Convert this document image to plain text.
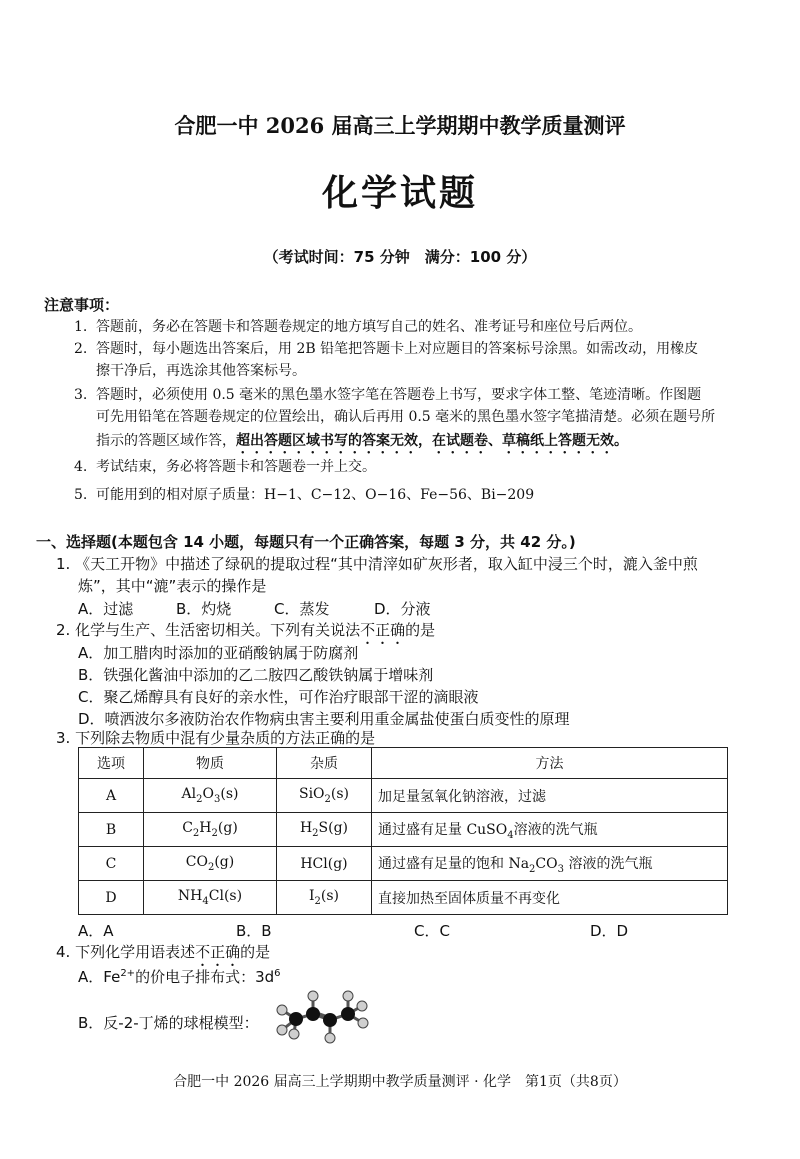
合肥一中 2026 届高三上学期期中教学质量测评
化学试题
（考试时间：75 分钟　满分：100 分）
注意事项：
1. 答题前，务必在答题卡和答题卷规定的地方填写自己的姓名、准考证号和座位号后两位。
2. 答题时，每小题选出答案后，用 2B 铅笔把答题卡上对应题目的答案标号涂黑。如需改动，用橡皮
擦干净后，再选涂其他答案标号。
3. 答题时，必须使用 0.5 毫米的黑色墨水签字笔在答题卷上书写，要求字体工整、笔迹清晰。作图题
可先用铅笔在答题卷规定的位置绘出，确认后再用 0.5 毫米的黑色墨水签字笔描清楚。必须在题号所
指示的答题区域作答，超出答题区域书写的答案无效，在试题卷、草稿纸上答题无效。
4. 考试结束，务必将答题卡和答题卷一并上交。
5. 可能用到的相对原子质量：H−1、C−12、O−16、Fe−56、Bi−209
一、选择题(本题包含 14 小题，每题只有一个正确答案，每题 3 分，共 42 分。)
1. 《天工开物》中描述了绿矾的提取过程“其中清滓如矿灰形者，取入缸中浸三个时，漉入釜中煎
炼”，其中“漉”表示的操作是
A．过滤	B．灼烧	C．蒸发	D．分液
2. 化学与生产、生活密切相关。下列有关说法不正确的是
A．加工腊肉时添加的亚硝酸钠属于防腐剂
B．铁强化酱油中添加的乙二胺四乙酸铁钠属于增味剂
C．聚乙烯醇具有良好的亲水性，可作治疗眼部干涩的滴眼液
D．喷洒波尔多液防治农作物病虫害主要利用重金属盐使蛋白质变性的原理
3. 下列除去物质中混有少量杂质的方法正确的是
选项	物质	杂质	方法
A	$Al_2O_3(s)$	SiO$_2$(s)	加足量氢氧化钠溶液，过滤
B	$C_2H_2(g)$	$H_2S(g)$	通过盛有足量 CuSO$_4$溶液的洗气瓶
C	$CO_2(g)$	HCl(g)	通过盛有足量的饱和 $Na_2CO_3$ 溶液的洗气瓶
D	$NH_4Cl(s)$	$I_2(s)$	直接加热至固体质量不再变化
A．A	B．B	C．C	D．D
4. 下列化学用语表述不正确的是
A．$Fe^{2+}$的价电子排布式：$3d^6$
B．反-2-丁烯的球棍模型：
合肥一中 2026 届高三上学期期中教学质量测评 · 化学　第1页（共8页）
